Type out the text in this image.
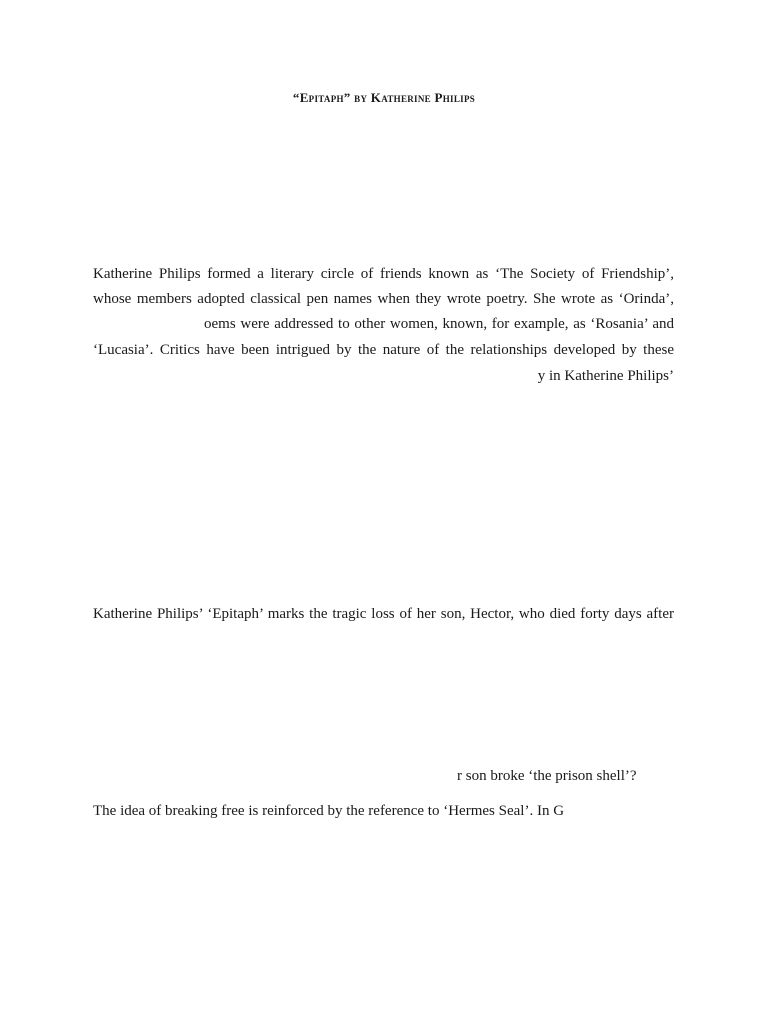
“Epitaph” by Katherine Philips
Katherine Philips formed a literary circle of friends known as ‘The Society of Friendship’,
whose members adopted classical pen names when they wrote poetry. She wrote as ‘Orinda’,
oems were addressed to other women, known, for example, as ‘Rosania’ and
‘Lucasia’. Critics have been intrigued by the nature of the relationships developed by these
y in Katherine Philips’
Katherine Philips’ ‘Epitaph’ marks the tragic loss of her son, Hector, who died forty days after
r son broke ‘the prison shell’?
The idea of breaking free is reinforced by the reference to ‘Hermes Seal’. In G
